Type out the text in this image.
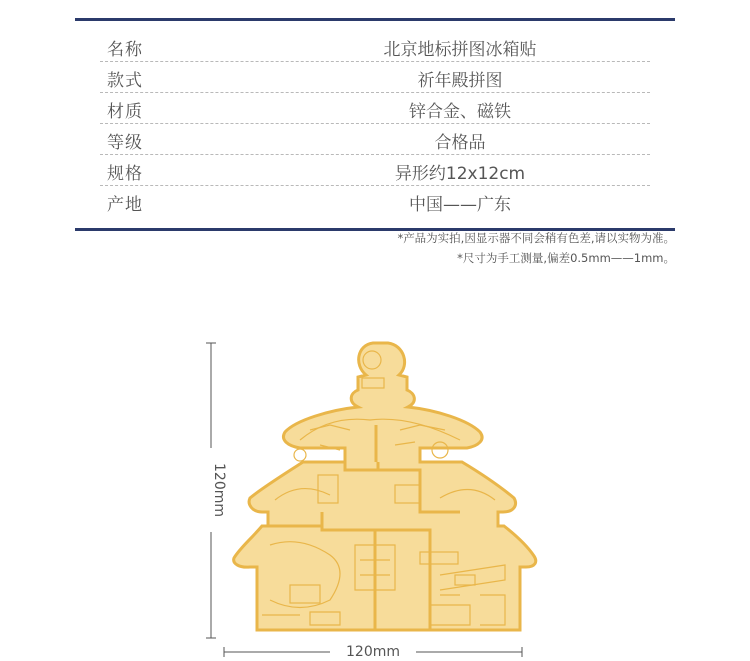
名称	北京地标拼图冰箱贴
款式	祈年殿拼图
材质	锌合金、磁铁
等级	合格品
规格	异形约12x12cm
产地	中国——广东
*产品为实拍,因显示器不同会稍有色差,请以实物为准。
*尺寸为手工测量,偏差0.5mm——1mm。
120mm
120mm
